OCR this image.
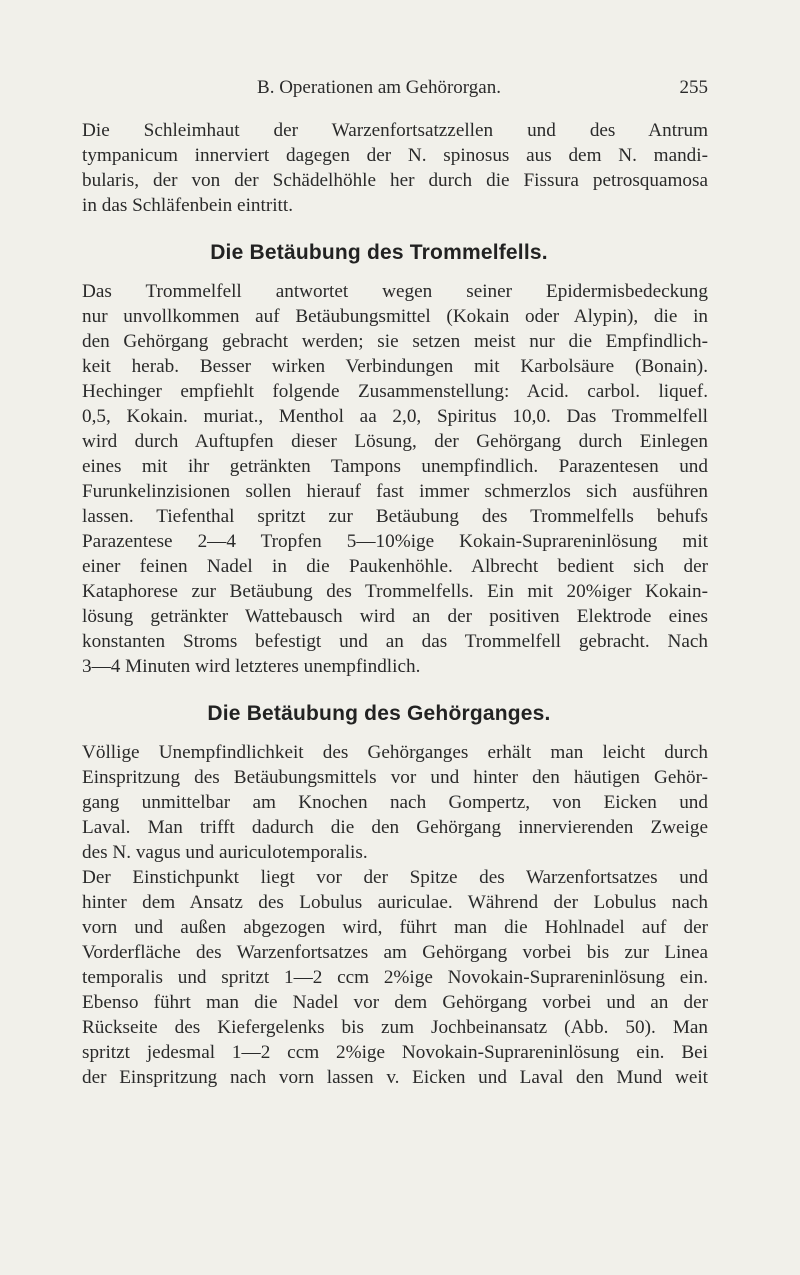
B. Operationen am Gehörorgan.	255

Die Schleimhaut der Warzenfortsatzzellen und des Antrum
tympanicum innerviert dagegen der N. spinosus aus dem N. mandi-
bularis, der von der Schädelhöhle her durch die Fissura petrosquamosa
in das Schläfenbein eintritt.

Die Betäubung des Trommelfells.

Das Trommelfell antwortet wegen seiner Epidermisbedeckung
nur unvollkommen auf Betäubungsmittel (Kokain oder Alypin), die in
den Gehörgang gebracht werden; sie setzen meist nur die Empfindlich-
keit herab. Besser wirken Verbindungen mit Karbolsäure (Bonain).
Hechinger empfiehlt folgende Zusammenstellung: Acid. carbol. liquef.
0,5, Kokain. muriat., Menthol aa 2,0, Spiritus 10,0. Das Trommelfell
wird durch Auftupfen dieser Lösung, der Gehörgang durch Einlegen
eines mit ihr getränkten Tampons unempfindlich. Parazentesen und
Furunkelinzisionen sollen hierauf fast immer schmerzlos sich ausführen
lassen. Tiefenthal spritzt zur Betäubung des Trommelfells behufs
Parazentese 2—4 Tropfen 5—10%ige Kokain-Suprareninlösung mit
einer feinen Nadel in die Paukenhöhle. Albrecht bedient sich der
Kataphorese zur Betäubung des Trommelfells. Ein mit 20%iger Kokain-
lösung getränkter Wattebausch wird an der positiven Elektrode eines
konstanten Stroms befestigt und an das Trommelfell gebracht. Nach
3—4 Minuten wird letzteres unempfindlich.

Die Betäubung des Gehörganges.

Völlige Unempfindlichkeit des Gehörganges erhält man leicht durch
Einspritzung des Betäubungsmittels vor und hinter den häutigen Gehör-
gang unmittelbar am Knochen nach Gompertz, von Eicken und
Laval. Man trifft dadurch die den Gehörgang innervierenden Zweige
des N. vagus und auriculotemporalis.

Der Einstichpunkt liegt vor der Spitze des Warzenfortsatzes und
hinter dem Ansatz des Lobulus auriculae. Während der Lobulus nach
vorn und außen abgezogen wird, führt man die Hohlnadel auf der
Vorderfläche des Warzenfortsatzes am Gehörgang vorbei bis zur Linea
temporalis und spritzt 1—2 ccm 2%ige Novokain-Suprareninlösung ein.
Ebenso führt man die Nadel vor dem Gehörgang vorbei und an der
Rückseite des Kiefergelenks bis zum Jochbeinansatz (Abb. 50). Man
spritzt jedesmal 1—2 ccm 2%ige Novokain-Suprareninlösung ein. Bei
der Einspritzung nach vorn lassen v. Eicken und Laval den Mund weit
